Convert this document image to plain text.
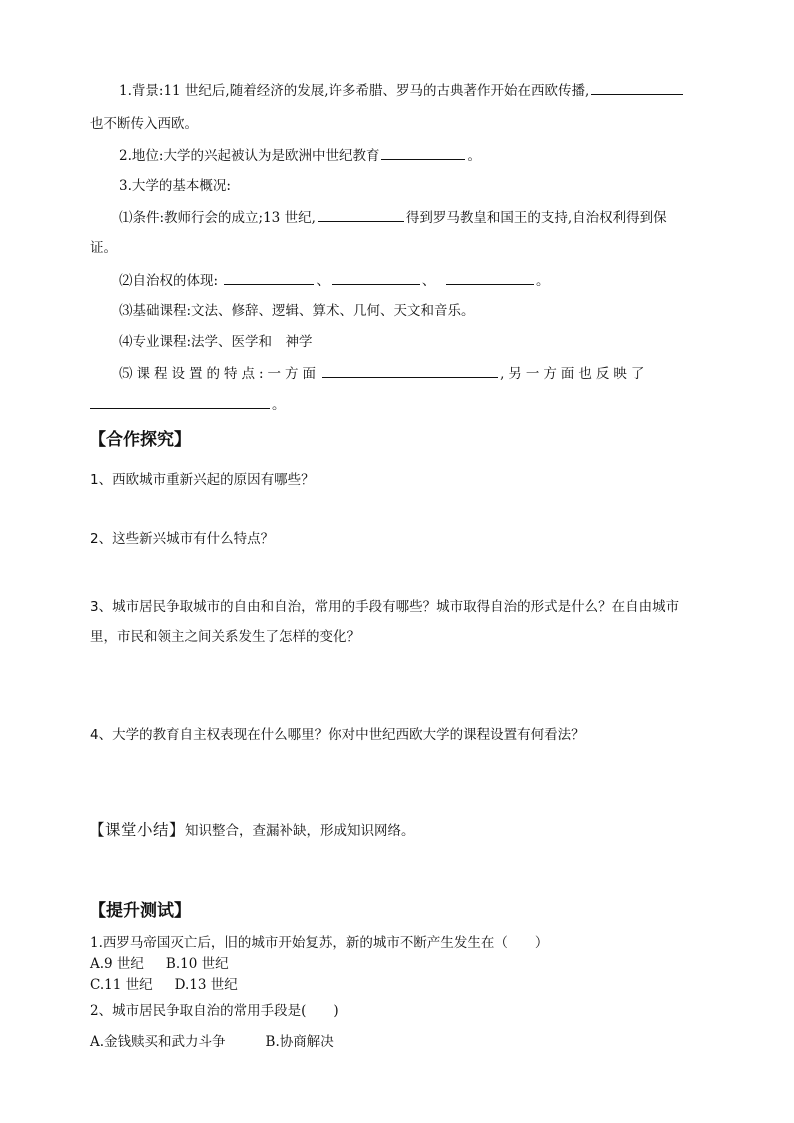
1.背景:11 世纪后,随着经济的发展,许多希腊、罗马的古典著作开始在西欧传播,
也不断传入西欧。
2.地位:大学的兴起被认为是欧洲中世纪教育	。
3.大学的基本概况:
⑴条件:教师行会的成立;13 世纪,	得到罗马教皇和国王的支持,自治权利得到保
证。
⑵自治权的体现:	、	、	。
⑶基础课程:文法、修辞、逻辑、算术、几何、天文和音乐。
⑷专业课程:法学、医学和　神学
⑸课程设置的特点:一方面	,另一方面也反映了
。
【合作探究】
1、西欧城市重新兴起的原因有哪些？
2、这些新兴城市有什么特点？
3、城市居民争取城市的自由和自治，常用的手段有哪些？城市取得自治的形式是什么？在自由城市
里，市民和领主之间关系发生了怎样的变化？
4、大学的教育自主权表现在什么哪里？你对中世纪西欧大学的课程设置有何看法？
【课堂小结】知识整合，查漏补缺，形成知识网络。
【提升测试】
1.西罗马帝国灭亡后，旧的城市开始复苏，新的城市不断产生发生在（　　）
A.9 世纪 B.10 世纪
C.11 世纪 D.13 世纪
2、城市居民争取自治的常用手段是(　　)
A.金钱赎买和武力斗争	B.协商解决
